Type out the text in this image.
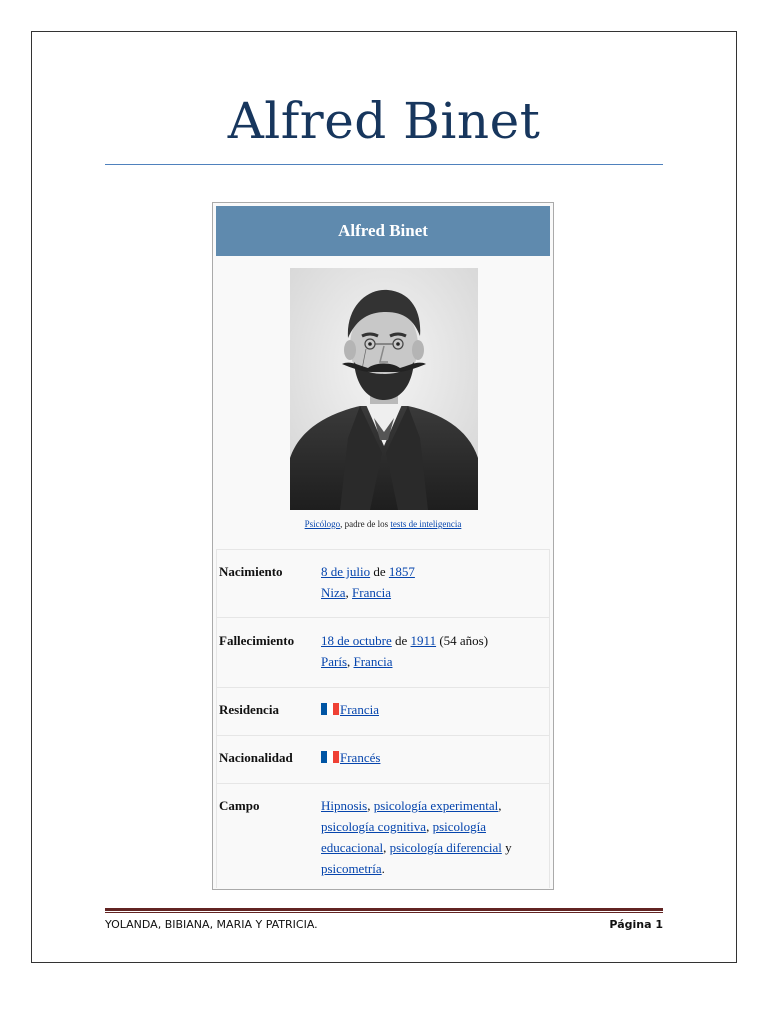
Alfred Binet
Alfred Binet
Psicólogo, padre de los tests de inteligencia
Nacimiento	8 de julio de 1857
Niza, Francia
Fallecimiento 18 de octubre de 1911 (54 años)
París, Francia
Residencia	Francia
Nacionalidad	Francés
Campo	Hipnosis, psicología experimental, psicología cognitiva, psicología educacional, psicología diferencial y psicometría.
YOLANDA, BIBIANA, MARIA Y PATRICIA.	Página 1
